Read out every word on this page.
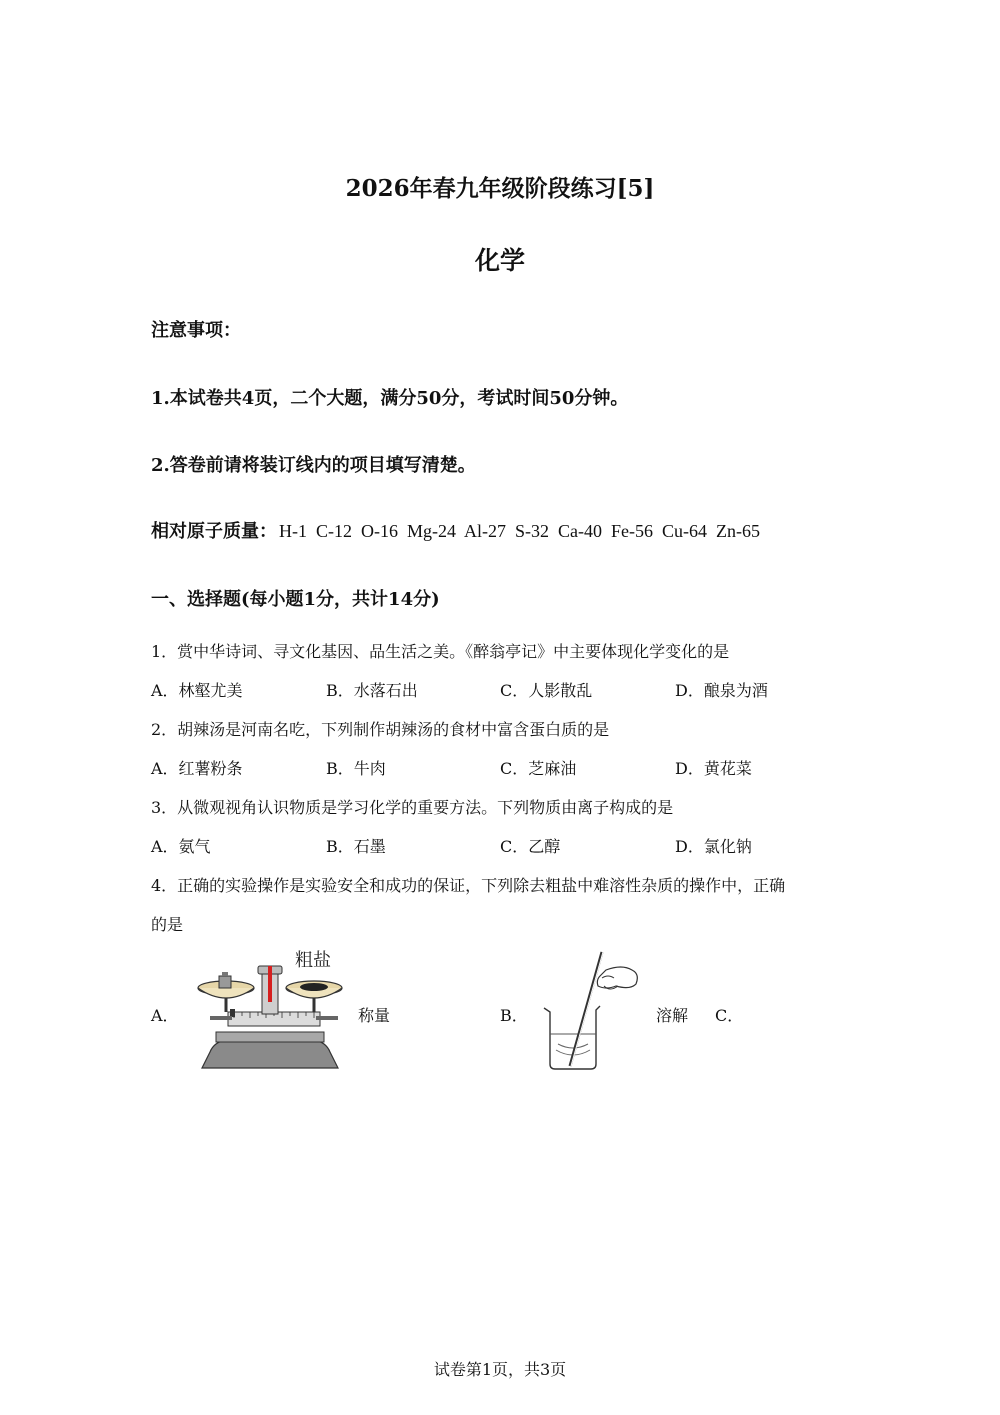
2026年春九年级阶段练习[5]
化学
注意事项：
1.本试卷共4页，二个大题，满分50分，考试时间50分钟。
2.答卷前请将装订线内的项目填写清楚。
相对原子质量： H-1  C-12  O-16  Mg-24  Al-27  S-32  Ca-40  Fe-56  Cu-64  Zn-65
一、选择题(每小题1分，共计14分)
1．赏中华诗词、寻文化基因、品生活之美。《醉翁亭记》中主要体现化学变化的是
A．林壑尤美	B．水落石出	C．人影散乱	D．酿泉为酒
2．胡辣汤是河南名吃，下列制作胡辣汤的食材中富含蛋白质的是
A．红薯粉条	B．牛肉	C．芝麻油	D．黄花菜
3．从微观视角认识物质是学习化学的重要方法。下列物质由离子构成的是
A．氨气	B．石墨	C．乙醇	D．氯化钠
4．正确的实验操作是实验安全和成功的保证，下列除去粗盐中难溶性杂质的操作中，正确
的是
A．
粗盐
称量	B．	溶解 C．
试卷第1页，共3页
